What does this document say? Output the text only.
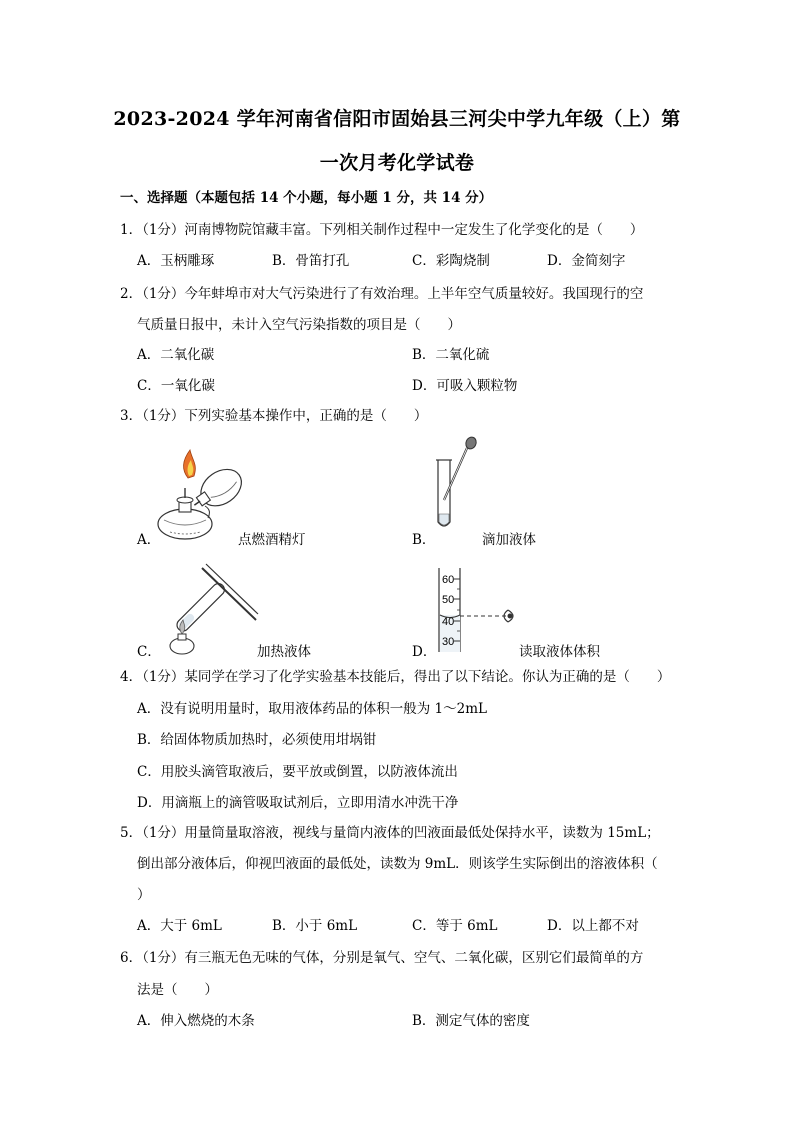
2023-2024 学年河南省信阳市固始县三河尖中学九年级（上）第
一次月考化学试卷
一、选择题（本题包括 14 个小题，每小题 1 分，共 14 分）
1．（1分）河南博物院馆藏丰富。下列相关制作过程中一定发生了化学变化的是（　　）
A．玉柄雕琢	B．骨笛打孔	C．彩陶烧制	D．金简刻字
2．（1分）今年蚌埠市对大气污染进行了有效治理。上半年空气质量较好。我国现行的空
气质量日报中，未计入空气污染指数的项目是（　　）
A．二氧化碳	B．二氧化硫
C．一氧化碳	D．可吸入颗粒物
3．（1分）下列实验基本操作中，正确的是（　　）
A．	点燃酒精灯	B．	滴加液体
C．	加热液体
60
50
40
30
D．	读取液体体积
4．（1分）某同学在学习了化学实验基本技能后，得出了以下结论。你认为正确的是（　　）
A．没有说明用量时，取用液体药品的体积一般为 1～2mL
B．给固体物质加热时，必须使用坩埚钳
C．用胶头滴管取液后，要平放或倒置，以防液体流出
D．用滴瓶上的滴管吸取试剂后，立即用清水冲洗干净
5．（1分）用量筒量取溶液，视线与量筒内液体的凹液面最低处保持水平，读数为 15mL；
倒出部分液体后，仰视凹液面的最低处，读数为 9mL．则该学生实际倒出的溶液体积（
）
A．大于 6mL	B．小于 6mL	C．等于 6mL	D．以上都不对
6．（1分）有三瓶无色无味的气体，分别是氧气、空气、二氧化碳，区别它们最简单的方
法是（　　）
A．伸入燃烧的木条	B．测定气体的密度
